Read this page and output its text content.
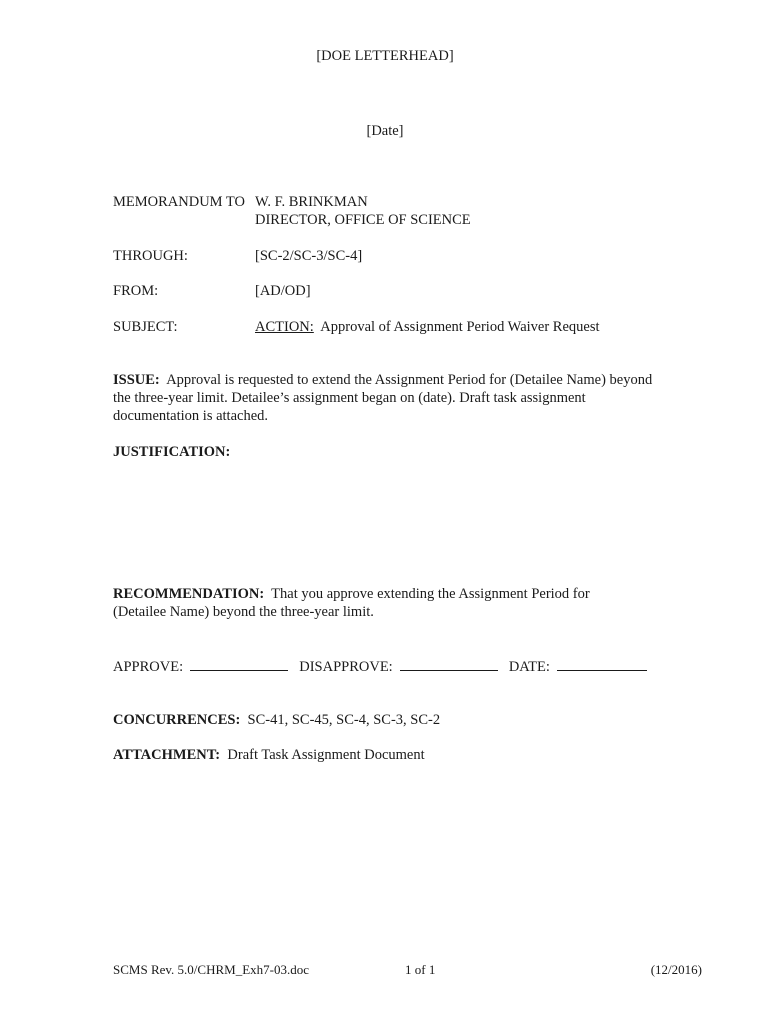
[DOE LETTERHEAD]
[Date]
MEMORANDUM TO W. F. BRINKMAN
DIRECTOR, OFFICE OF SCIENCE
THROUGH:	[SC-2/SC-3/SC-4]
FROM:	[AD/OD]
SUBJECT:	ACTION: Approval of Assignment Period Waiver Request
ISSUE: Approval is requested to extend the Assignment Period for (Detailee Name) beyond the three-year limit. Detailee’s assignment began on (date). Draft task assignment documentation is attached.
JUSTIFICATION:
RECOMMENDATION: That you approve extending the Assignment Period for (Detailee Name) beyond the three-year limit.
APPROVE:	DISAPPROVE:	DATE:
CONCURRENCES: SC-41, SC-45, SC-4, SC-3, SC-2
ATTACHMENT: Draft Task Assignment Document
SCMS Rev. 5.0/CHRM_Exh7-03.doc	1 of 1	(12/2016)
